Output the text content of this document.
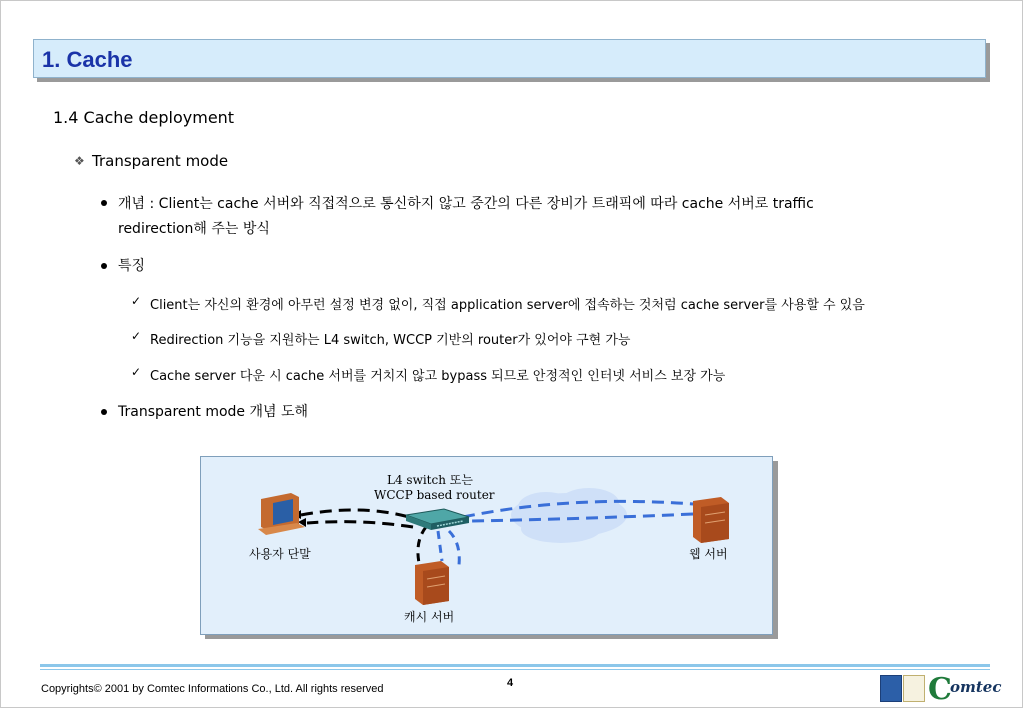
1. Cache
1.4 Cache deployment
❖ Transparent mode
개념 : Client는 cache 서버와 직접적으로 통신하지 않고 중간의 다른 장비가 트래픽에 따라 cache 서버로 traffic
redirection해 주는 방식
특징
✓ Client는 자신의 환경에 아무런 설정 변경 없이, 직접 application server에 접속하는 것처럼 cache server를 사용할 수 있음
✓ Redirection 기능을 지원하는 L4 switch, WCCP 기반의 router가 있어야 구현 가능
✓ Cache server 다운 시 cache 서버를 거치지 않고 bypass 되므로 안정적인 인터넷 서비스 보장 가능
Transparent mode 개념 도해
L4 switch 또는
WCCP based router
사용자 단말	웹 서버
캐시 서버
Copyrights© 2001 by Comtec Informations Co., Ltd. All rights reserved	4	C
omtec
